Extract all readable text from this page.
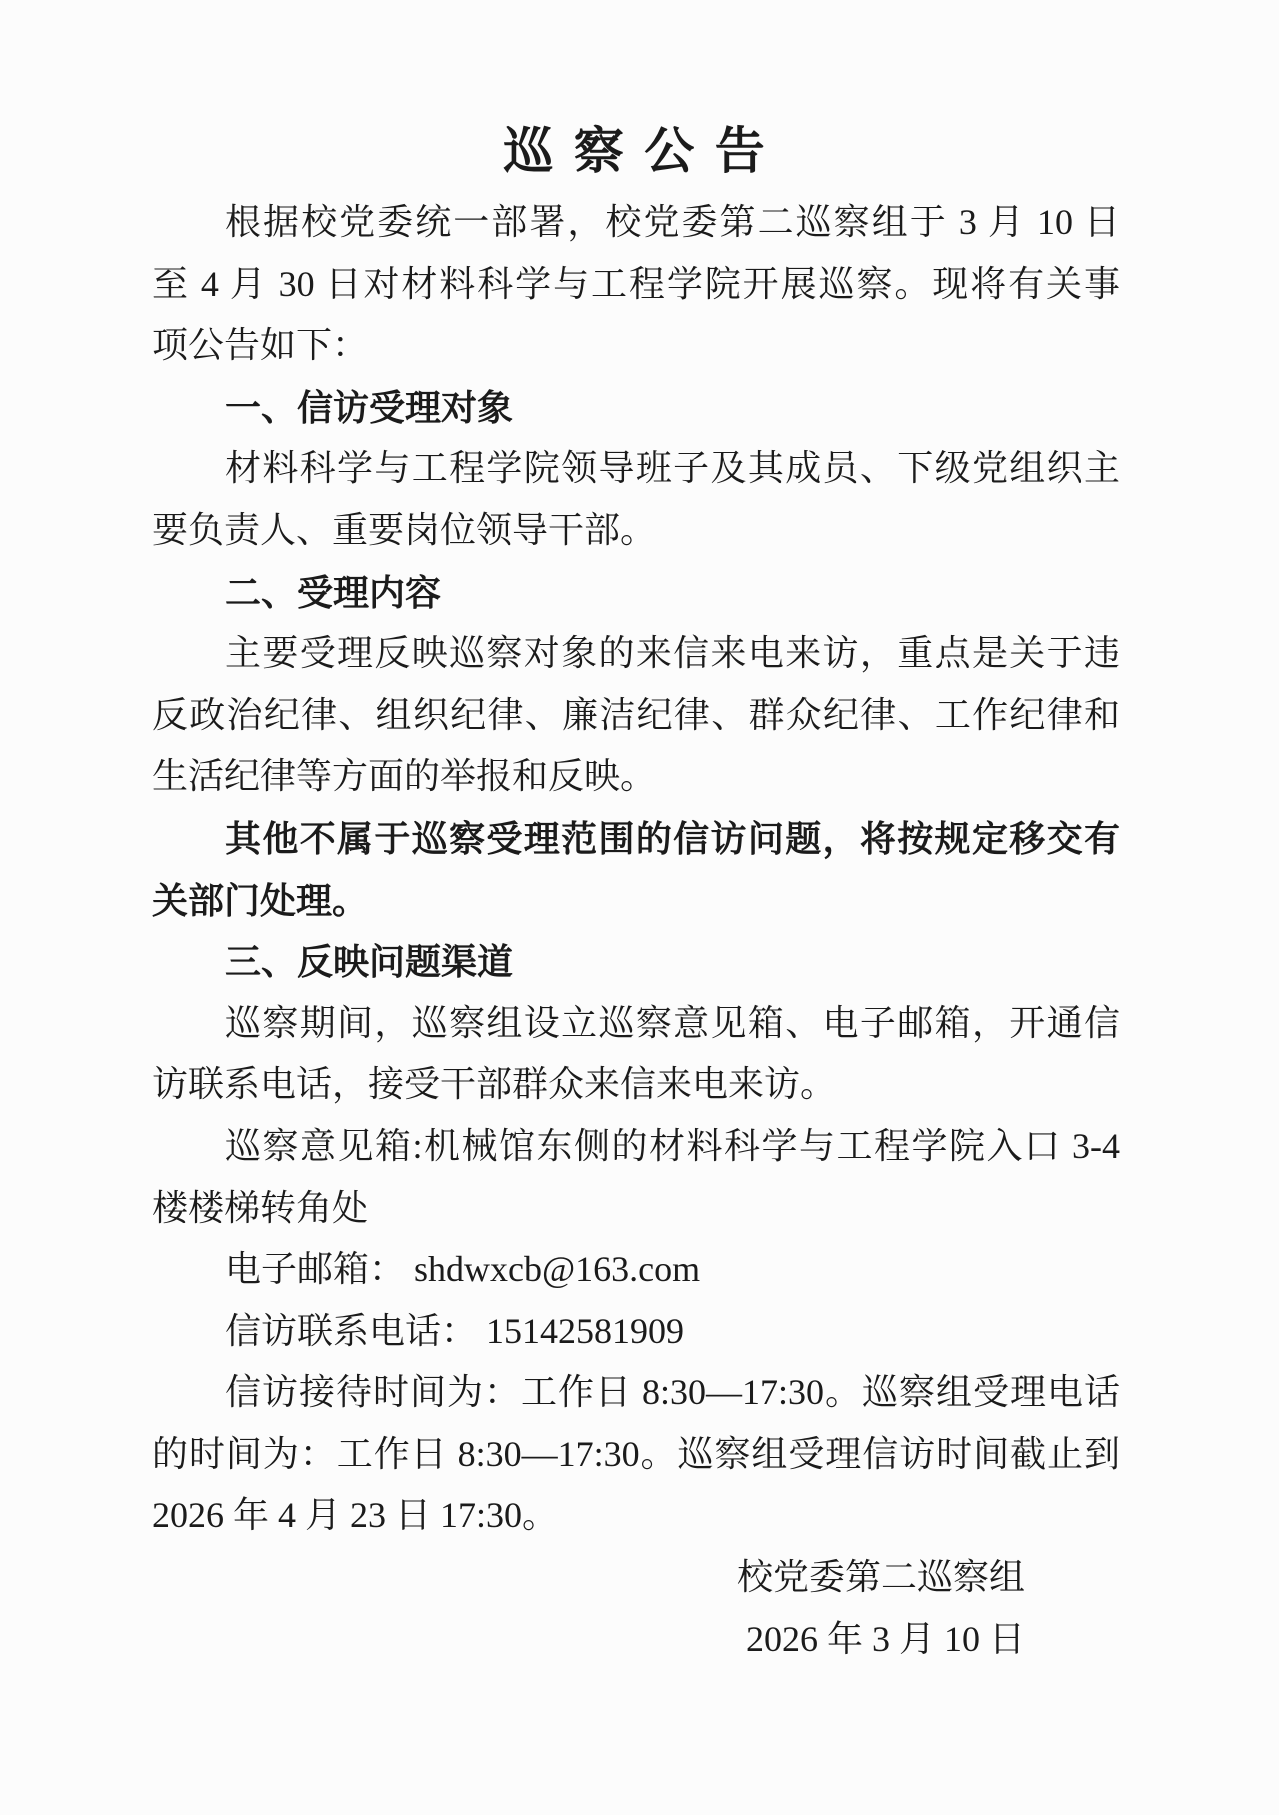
巡 察 公 告
根据校党委统一部署，校党委第二巡察组于 3 月 10 日
至 4 月 30 日对材料科学与工程学院开展巡察。现将有关事
项公告如下：
一、信访受理对象
材料科学与工程学院领导班子及其成员、下级党组织主
要负责人、重要岗位领导干部。
二、受理内容
主要受理反映巡察对象的来信来电来访，重点是关于违
反政治纪律、组织纪律、廉洁纪律、群众纪律、工作纪律和
生活纪律等方面的举报和反映。
其他不属于巡察受理范围的信访问题，将按规定移交有
关部门处理。
三、反映问题渠道
巡察期间，巡察组设立巡察意见箱、电子邮箱，开通信
访联系电话，接受干部群众来信来电来访。
巡察意见箱:机械馆东侧的材料科学与工程学院入口 3-4
楼楼梯转角处
电子邮箱： shdwxcb@163.com
信访联系电话： 15142581909
信访接待时间为：工作日 8:30—17:30。巡察组受理电话
的时间为：工作日 8:30—17:30。巡察组受理信访时间截止到
2026 年 4 月 23 日 17:30。
校党委第二巡察组
2026 年 3 月 10 日
